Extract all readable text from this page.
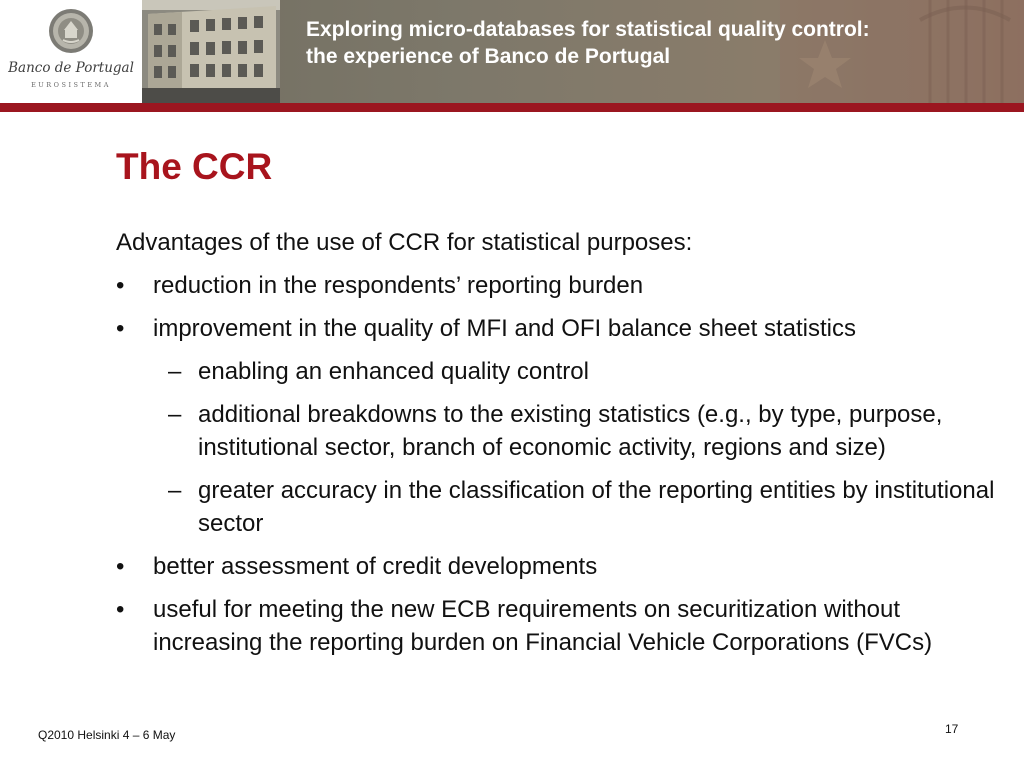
Banco de Portugal
EUROSISTEMA
Exploring micro-databases for statistical quality control:
the experience of Banco de Portugal
The CCR
Advantages of the use of CCR for statistical purposes:
• reduction in the respondents’ reporting burden
• improvement in the quality of MFI and OFI balance sheet statistics
– enabling an enhanced quality control
– additional breakdowns to the existing statistics (e.g., by type, purpose, institutional sector, branch of economic activity, regions and size)
– greater accuracy in the classification of the reporting entities by institutional sector
• better assessment of credit developments
• useful for meeting the new ECB requirements on securitization without increasing the reporting burden on Financial Vehicle Corporations (FVCs)
Q2010 Helsinki 4 – 6 May	17
